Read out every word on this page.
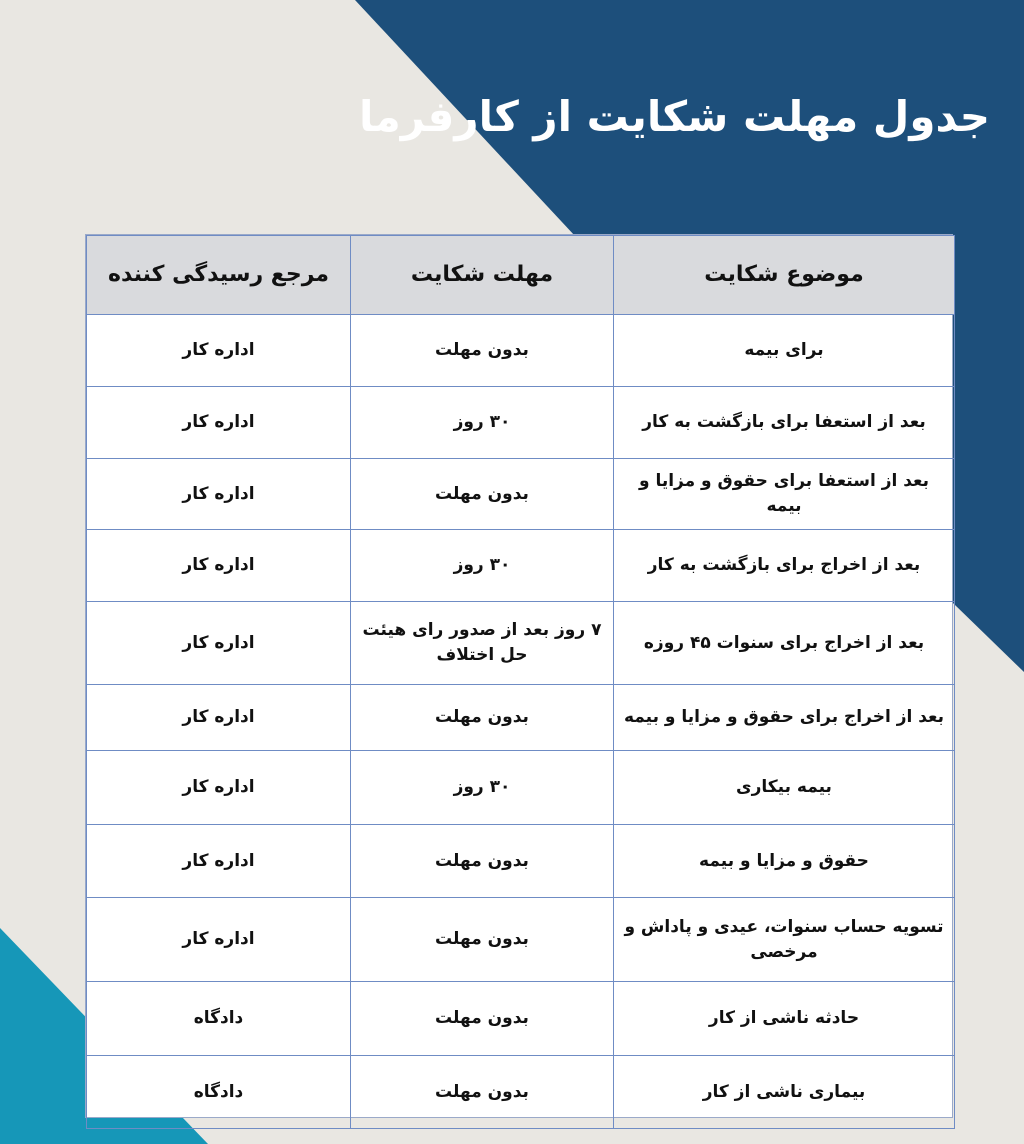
جدول مهلت شکایت از کارفرما
موضوع شکایت	مهلت شکایت	مرجع رسیدگی کننده
برای بیمه	بدون مهلت	اداره کار
بعد از استعفا برای بازگشت به کار	۳۰ روز	اداره کار
بعد از استعفا برای حقوق و مزایا و بیمه	بدون مهلت	اداره کار
بعد از اخراج برای بازگشت به کار	۳۰ روز	اداره کار
بعد از اخراج برای سنوات ۴۵ روزه	۷ روز بعد از صدور رای هیئت حل اختلاف	اداره کار
بعد از اخراج برای حقوق و مزایا و بیمه	بدون مهلت	اداره کار
بیمه بیکاری	۳۰ روز	اداره کار
حقوق و مزایا و بیمه	بدون مهلت	اداره کار
تسویه حساب سنوات، عیدی و پاداش و مرخصی	بدون مهلت	اداره کار
حادثه ناشی از کار	بدون مهلت	دادگاه
بیماری ناشی از کار	بدون مهلت	دادگاه
